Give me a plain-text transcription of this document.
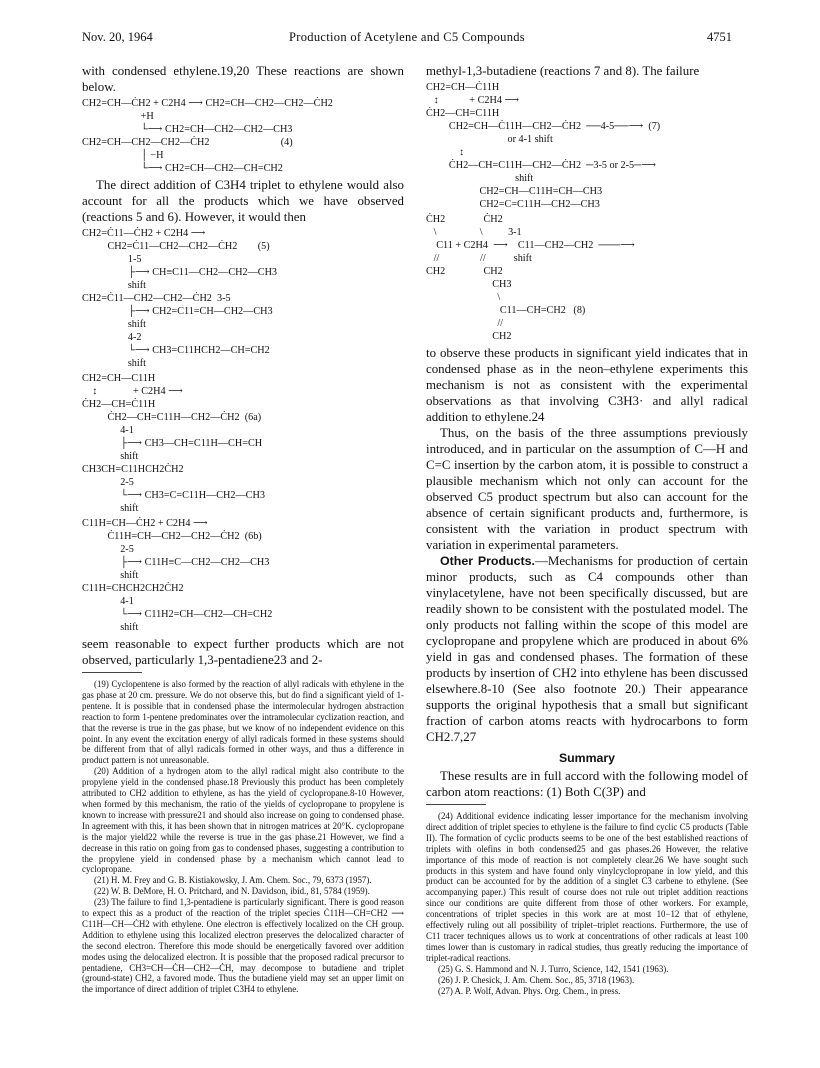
Nov. 20, 1964	Production of Acetylene and C5 Compounds	4751

with condensed ethylene.19,20 These reactions are shown below.

CH2=CH—ĊH2 + C2H4 ⟶ CH2=CH—CH2—CH2—ĊH2
+H
└⟶ CH2=CH—CH2—CH2—CH3
CH2=CH—CH2—CH2—ĊH2                            (4)
│ −H
└⟶ CH2=CH—CH2—CH=CH2

The direct addition of C3H4 triplet to ethylene would also account for all the products which we have observed (reactions 5 and 6). However, it would then

CH2=Ċ11—ĊH2 + C2H4 ⟶
CH2=Ċ11—CH2—CH2—ĊH2        (5)
1-5
├⟶ CH≡C11—CH2—CH2—CH3
shift
CH2=Ċ11—CH2—CH2—ĊH2  3-5
├⟶ CH2=C11=CH—CH2—CH3
shift
4-2
└⟶ CH3=C11HCH2—CH=CH2
shift
CH2=CH—C11H
↕              + C2H4 ⟶
ĊH2—CH=Ċ11H
ĊH2—CH=C11H—CH2—ĊH2  (6a)
4-1
├⟶ CH3—CH=C11H—CH=CH
shift
CH3CH=C11HCH2ĊH2
2-5
└⟶ CH3=C=C11H—CH2—CH3
shift
C11H=CH—ĊH2 + C2H4 ⟶
Ċ11H=CH—CH2—CH2—ĊH2  (6b)
2-5
├⟶ C11H≡C—CH2—CH2—CH3
shift
C11H=CHCH2CH2ĊH2
4-1
└⟶ C11H2=CH—CH2—CH=CH2
shift

seem reasonable to expect further products which are not observed, particularly 1,3-pentadiene23 and 2-

(19) Cyclopentene is also formed by the reaction of allyl radicals with ethylene in the gas phase at 20 cm. pressure. We do not observe this, but do find a significant yield of 1-pentene. It is possible that in condensed phase the intermolecular hydrogen abstraction reaction to form 1-pentene predominates over the intramolecular cyclization reaction, and that the reverse is true in the gas phase, but we know of no independent evidence on this point. In any event the excitation energy of allyl radicals formed in these systems should be different from that of allyl radicals formed in other ways, and thus a difference in product pattern is not unreasonable.

(20) Addition of a hydrogen atom to the allyl radical might also contribute to the propylene yield in the condensed phase.18 Previously this product has been completely attributed to CH2 addition to ethylene, as has the yield of cyclopropane.8-10 However, when formed by this mechanism, the ratio of the yields of cyclopropane to propylene is known to increase with pressure21 and should also increase on going to condensed phase. In agreement with this, it has been shown that in nitrogen matrices at 20°K. cyclopropane is the major yield22 while the reverse is true in the gas phase.21 However, we find a decrease in this ratio on going from gas to condensed phases, suggesting a contribution to the propylene yield in condensed phase by a mechanism which cannot lead to cyclopropane.

(21) H. M. Frey and G. B. Kistiakowsky, J. Am. Chem. Soc., 79, 6373 (1957).

(22) W. B. DeMore, H. O. Pritchard, and N. Davidson, ibid., 81, 5784 (1959).

(23) The failure to find 1,3-pentadiene is particularly significant. There is good reason to expect this as a product of the reaction of the triplet species Ċ11H—CH=CH2 ⟶ C11H—CH—ĊH2 with ethylene. One electron is effectively localized on the CH group. Addition to ethylene using this localized electron preserves the delocalized character of the second electron. Therefore this mode should be energetically favored over addition modes using the delocalized electron. It is possible that the proposed radical precursor to pentadiene, CH3=CH—ĊH—CH2—ĊH, may decompose to butadiene and triplet (ground-state) CH2, a favored mode. Thus the butadiene yield may set an upper limit on the importance of direct addition of triplet C3H4 to ethylene.

methyl-1,3-butadiene (reactions 7 and 8). The failure

CH2=CH—Ċ11H
↕            + C2H4 ⟶
ĊH2—CH=C11H
CH2=CH—Ċ11H—CH2—ĊH2  ──4-5──⟶  (7)
or 4-1 shift
↕
ĊH2—CH=C11H—CH2—ĊH2  ─3-5 or 2-5─⟶
shift
CH2=CH—C11H=CH—CH3
CH2=C=C11H—CH2—CH3
ĊH2               ĊH2
\                 \          3-1
C11 + C2H4  ⟶    C11—CH2—CH2  ───⟶
//                //           shift
CH2               CH2
CH3
\
C11—CH=CH2   (8)
//
CH2

to observe these products in significant yield indicates that in condensed phase as in the neon–ethylene experiments this mechanism is not as consistent with the experimental observations as that involving C3H3· and allyl radical addition to ethylene.24

Thus, on the basis of the three assumptions previously introduced, and in particular on the assumption of C—H and C=C insertion by the carbon atom, it is possible to construct a plausible mechanism which not only can account for the observed C5 product spectrum but also can account for the absence of certain significant products and, furthermore, is consistent with the variation in product spectrum with variation in experimental parameters.

Other Products.—Mechanisms for production of certain minor products, such as C4 compounds other than vinylacetylene, have not been specifically discussed, but are readily shown to be consistent with the postulated model. The only products not falling within the scope of this model are cyclopropane and propylene which are produced in about 6% yield in gas and condensed phases. The formation of these products by insertion of CH2 into ethylene has been discussed elsewhere.8-10 (See also footnote 20.) Their appearance supports the original hypothesis that a small but significant fraction of carbon atoms reacts with hydrocarbons to form CH2.7,27

Summary

These results are in full accord with the following model of carbon atom reactions: (1) Both C(3P) and

(24) Additional evidence indicating lesser importance for the mechanism involving direct addition of triplet species to ethylene is the failure to find cyclic C5 products (Table II). The formation of cyclic products seems to be one of the best established reactions of triplets with olefins in both condensed25 and gas phases.26 However, the relative importance of this mode of reaction is not completely clear.26 We have sought such products in this system and have found only vinylcyclopropane in low yield, and this product can be accounted for by the addition of a singlet C3 carbene to ethylene. (See accompanying paper.) This result of course does not rule out triplet addition reactions since our conditions are quite different from those of other workers. For example, concentrations of triplet species in this work are at most 10−12 that of ethylene, effectively ruling out all possibility of triplet–triplet reactions. Furthermore, the use of C11 tracer techniques allows us to work at concentrations of other radicals at least 100 times lower than is customary in radical studies, thus greatly reducing the importance of triplet-radical reactions.

(25) G. S. Hammond and N. J. Turro, Science, 142, 1541 (1963).

(26) J. P. Chesick, J. Am. Chem. Soc., 85, 3718 (1963).

(27) A. P. Wolf, Advan. Phys. Org. Chem., in press.
